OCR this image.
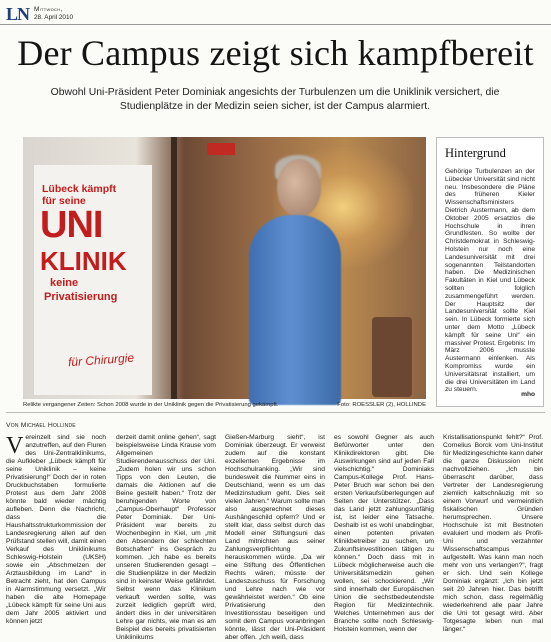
LN Mittwoch,
28. April 2010
Der Campus zeigt sich kampfbereit
Obwohl Uni-Präsident Peter Dominiak angesichts der Turbulenzen um die Uniklinik versichert, die Studienplätze in der Medizin seien sicher, ist der Campus alarmiert.
Lübeck kämpft
für seine
UNI
KLINIK
keine
Privatisierung
für Chirurgie
Relikte vergangener Zeiten: Schon 2008 wurde in der Uniklinik gegen die Privatisierung gekämpft.	Foto: ROESSLER (2), HOLLINDE
Hintergrund
Gehörige Turbulenzen an der Lübecker Universität sind nicht neu. Insbesondere die Pläne des früheren Kieler Wissenschaftsministers Dietrich Austermann, ab dem Oktober 2005 ersatzlos die Hochschule in ihren Grundfesten. So wollte der Christdemokrat in Schleswig-Holstein nur noch eine Landesuniversität mit drei sogenannten Teilstandorten haben. Die Medizinischen Fakultäten in Kiel und Lübeck sollten folglich zusammengeführt werden. Der Hauptsitz der Landesuniversität sollte Kiel sein. In Lübeck formierte sich unter dem Motto „Lübeck kämpft für seine Uni“ ein massiver Protest. Ergebnis: Im März 2006 musste Austermann einlenken. Als Kompromiss wurde ein Universitätsrat installiert, um die drei Universitäten im Land zu steuern.
mho
Von Michael Hollinde
Vereinzelt sind sie noch anzutreffen, auf den Fluren des Uni-Zentralklinikums, die Aufkleber „Lübeck kämpft für seine Uniklinik – keine Privatisierung!“ Doch der in roten Druckbuchstaben formulierte Protest aus dem Jahr 2008 könnte bald wieder mächtig aufleben. Denn die Nachricht, dass die Haushaltsstrukturkommission der Landesregierung allen auf den Prüfstand stellen will, damit einen Verkauf des Uniklinikums Schleswig-Holstein (UKSH) sowie ein „Abschmelzen der Arztausbildung im Land“ in Betracht zieht, hat den Campus in Alarmstimmung versetzt. „Wir haben die alte Homepage „Lübeck kämpft für seine Uni aus dem Jahr 2005 aktiviert und können jetzt
derzeit damit online gehen“, sagt beispielsweise Linda Krause vom Allgemeinen Studierendenausschuss der Uni. „Zudem holen wir uns schon Tipps von den Leuten, die damals die Aktionen auf die Beine gestellt haben.“ Trotz der beruhigenden Worte von „Campus-Oberhaupt“ Professor Peter Dominiak. Der Uni-Präsident war bereits zu Wochenbeginn in Kiel, um „mit den Absendern der schlechten Botschaften“ ins Gespräch zu kommen. „Ich habe es bereits unseren Studierenden gesagt – die Studienplätze in der Medizin sind in keinster Weise gefährdet. Selbst wenn das Klinikum verkauft werden sollte, was zurzeit lediglich geprüft wird, ändert dies in der universitären Lehre gar nichts, wie man es am Beispiel des bereits privatisierten Uniklinikums
Gießen-Marburg sieht“, ist Dominiak überzeugt. Er verweist zudem auf die konstant exzellenten Ergebnisse im Hochschulranking. „Wir sind bundesweit die Nummer eins in Deutschland, wenn es um das Medizinstudium geht. Dies seit vielen Jahren.“ Warum sollte man also ausgerechnet dieses Aushängeschild opfern? Und er stellt klar, dass selbst durch das Modell einer Stiftungsuni das Land mitnichten aus seiner Zahlungsverpflichtung herauskommen würde. „Da wir eine Stiftung des Öffentlichen Rechts wären, müsste der Landeszuschuss für Forschung und Lehre nach wie vor gewährleistet werden.“ Ob eine Privatisierung den Investitionsstau beseitigen und somit dem Campus voranbringen könnte, lässt der Uni-Präsident aber offen. „Ich weiß, dass
es sowohl Gegner als auch Befürworter unter den Klinikdirektoren gibt. Die Auswirkungen sind auf jeden Fall vielschichtig.“ Dominiaks Campus-Kollege Prof. Hans-Peter Bruch war schon bei den ersten Verkaufsüberlegungen auf Seiten der Unterstützer. „Dass das Land jetzt zahlungsunfähig ist, ist leider eine Tatsache. Deshalb ist es wohl unabdingbar, einen potenten privaten Klinikbetreiber zu suchen, um Zukunftsinvestitionen tätigen zu können.“ Doch dass mit in Lübeck möglicherweise auch die Universitätsmedizin gehen wollen, sei schockierend. „Wir sind innerhalb der Europäischen Union die sechstbedeutendste Region für Medizintechnik. Welches Unternehmen aus der Branche sollte noch Schleswig-Holstein kommen, wenn der
Kristallisationspunkt fehlt?“ Prof. Cornelius Borck vom Uni-Institut für Medizingeschichte kann daher die ganze Diskussion nicht nachvollziehen. „Ich bin überrascht darüber, dass Vertreter der Landesregierung ziemlich kaltschnäuzig mit so einem Vorwurf und vermeintlich fiskalischen Gründen herumsprechen. Unsere Hochschule ist mit Bestnoten evaluiert und modern als Profil-Uni und verzahnter Wissenschaftscampus aufgestellt. Was kann man noch mehr von uns verlangen?“, fragt er sich. Und sein Kollege Dominiak ergänzt: „Ich bin jetzt seit 20 Jahren hier. Das betrifft mich schon, dass regelmäßig wiederkehrend alle paar Jahre die Uni tot gesagt wird. Aber Totgesagte leben nun mal länger.“
